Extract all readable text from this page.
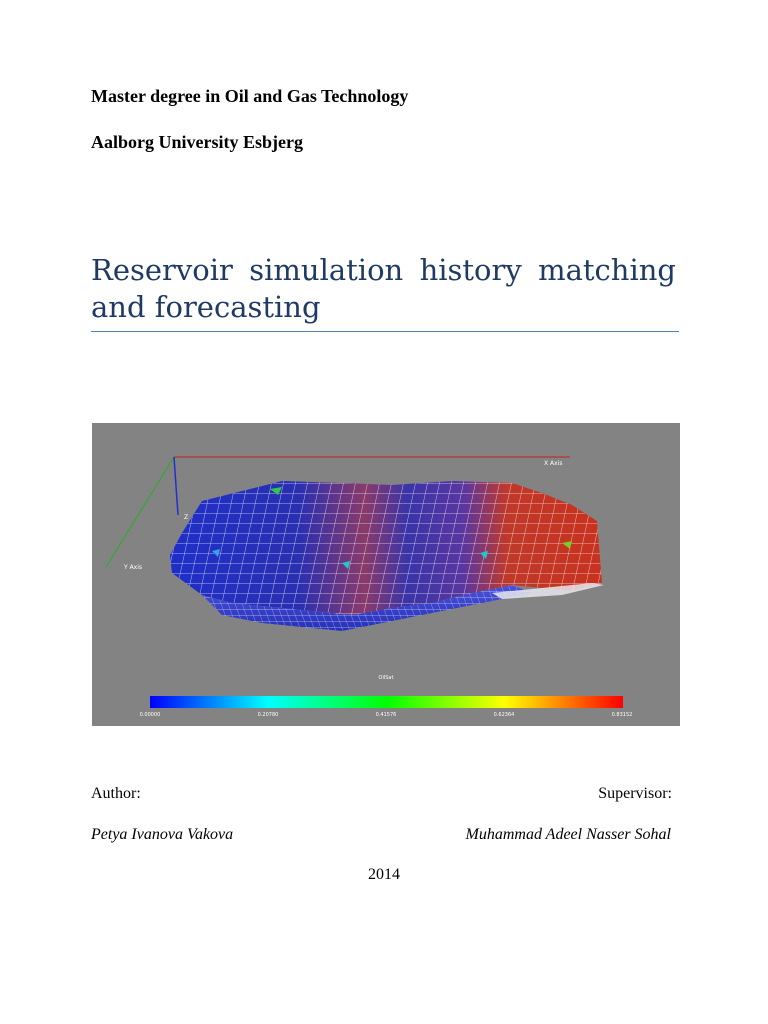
Master degree in Oil and Gas Technology
Aalborg University Esbjerg
Reservoir simulation history matching and forecasting
X Axis
Y Axis
Z
OilSat
0.00000	0.20780	0.41576	0.62364	0.83152
Author:	Supervisor:
Petya Ivanova Vakova	Muhammad Adeel Nasser Sohal
2014
